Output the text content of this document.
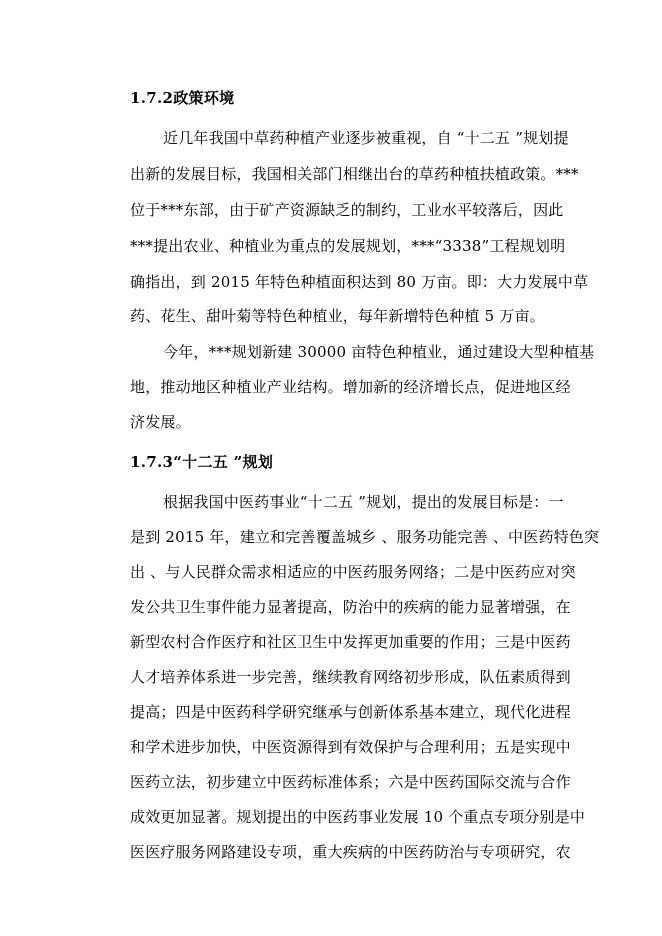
1.7.2政策环境
近几年我国中草药种植产业逐步被重视，自 “十二五 ”规划提
出新的发展目标，我国相关部门相继出台的草药种植扶植政策。***
位于***东部，由于矿产资源缺乏的制约，工业水平较落后，因此
***提出农业、种植业为重点的发展规划，***“3338”工程规划明
确指出，到 2015 年特色种植面积达到 80 万亩。即：大力发展中草
药、花生、甜叶菊等特色种植业，每年新增特色种植 5 万亩。
今年，***规划新建 30000 亩特色种植业，通过建设大型种植基
地，推动地区种植业产业结构。增加新的经济增长点，促进地区经
济发展。
1.7.3“十二五 ”规划
根据我国中医药事业“十二五 ”规划，提出的发展目标是：一
是到 2015 年，建立和完善覆盖城乡 、服务功能完善 、中医药特色突
出 、与人民群众需求相适应的中医药服务网络；二是中医药应对突
发公共卫生事件能力显著提高，防治中的疾病的能力显著增强，在
新型农村合作医疗和社区卫生中发挥更加重要的作用；三是中医药
人才培养体系进一步完善，继续教育网络初步形成，队伍素质得到
提高；四是中医药科学研究继承与创新体系基本建立，现代化进程
和学术进步加快，中医资源得到有效保护与合理利用；五是实现中
医药立法，初步建立中医药标准体系；六是中医药国际交流与合作
成效更加显著。规划提出的中医药事业发展 10 个重点专项分别是中
医医疗服务网路建设专项，重大疾病的中医药防治与专项研究，农
